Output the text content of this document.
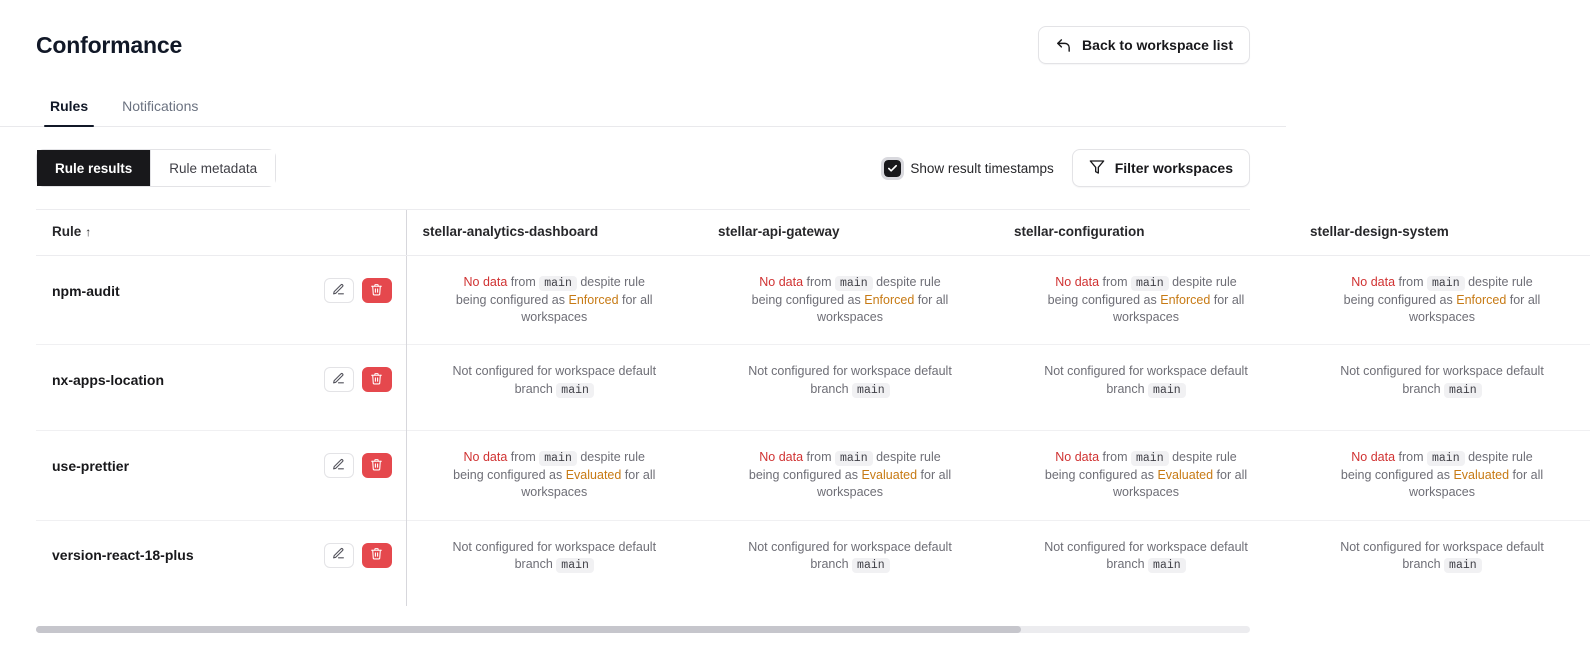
Conformance	Back to workspace list
Rules	Notifications
Rule results	Rule metadata	Show result timestamps	Filter workspaces
Rule ↑	stellar-analytics-dashboard	stellar-api-gateway	stellar-configuration	stellar-design-system

npm-audit	No data from main despite rule being configured as Enforced for all workspaces	No data from main despite rule being configured as Enforced for all workspaces	No data from main despite rule being configured as Enforced for all workspaces	No data from main despite rule being configured as Enforced for all workspaces

nx-apps-location	Not configured for workspace default branch main	Not configured for workspace default branch main	Not configured for workspace default branch main	Not configured for workspace default branch main

use-prettier	No data from main despite rule being configured as Evaluated for all workspaces	No data from main despite rule being configured as Evaluated for all workspaces	No data from main despite rule being configured as Evaluated for all workspaces	No data from main despite rule being configured as Evaluated for all workspaces

version-react-18-plus	Not configured for workspace default branch main	Not configured for workspace default branch main	Not configured for workspace default branch main	Not configured for workspace default branch main
